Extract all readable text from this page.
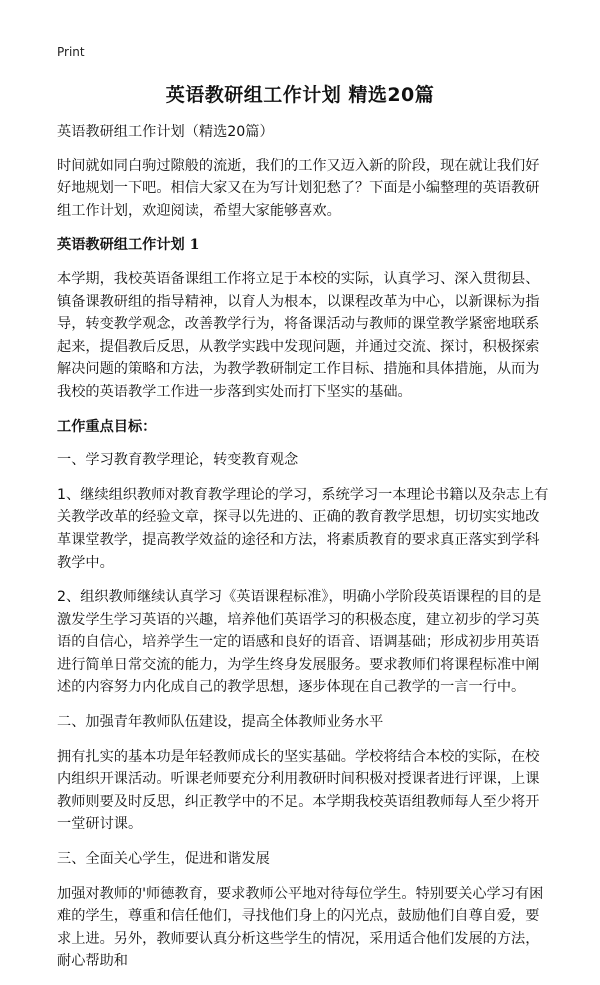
Print
英语教研组工作计划 精选20篇

英语教研组工作计划（精选20篇）

时间就如同白驹过隙般的流逝，我们的工作又迈入新的阶段，现在就让我们好好地规划一下吧。相信大家又在为写计划犯愁了？下面是小编整理的英语教研组工作计划，欢迎阅读，希望大家能够喜欢。

英语教研组工作计划 1

本学期，我校英语备课组工作将立足于本校的实际，认真学习、深入贯彻县、镇备课教研组的指导精神，以育人为根本，以课程改革为中心，以新课标为指导，转变教学观念，改善教学行为，将备课活动与教师的课堂教学紧密地联系起来，提倡教后反思，从教学实践中发现问题，并通过交流、探讨，积极探索解决问题的策略和方法，为教学教研制定工作目标、措施和具体措施，从而为我校的英语教学工作进一步落到实处而打下坚实的基础。

工作重点目标：

一、学习教育教学理论，转变教育观念

1、继续组织教师对教育教学理论的学习，系统学习一本理论书籍以及杂志上有关教学改革的经验文章，探寻以先进的、正确的教育教学思想，切切实实地改革课堂教学，提高教学效益的途径和方法，将素质教育的要求真正落实到学科教学中。

2、组织教师继续认真学习《英语课程标准》，明确小学阶段英语课程的目的是激发学生学习英语的兴趣，培养他们英语学习的积极态度，建立初步的学习英语的自信心，培养学生一定的语感和良好的语音、语调基础；形成初步用英语进行简单日常交流的能力，为学生终身发展服务。要求教师们将课程标准中阐述的内容努力内化成自己的教学思想，逐步体现在自己教学的一言一行中。

二、加强青年教师队伍建设，提高全体教师业务水平

拥有扎实的基本功是年轻教师成长的坚实基础。学校将结合本校的实际，在校内组织开课活动。听课老师要充分利用教研时间积极对授课者进行评课，上课教师则要及时反思，纠正教学中的不足。本学期我校英语组教师每人至少将开一堂研讨课。

三、全面关心学生，促进和谐发展

加强对教师的'师德教育，要求教师公平地对待每位学生。特别要关心学习有困难的学生，尊重和信任他们，寻找他们身上的闪光点，鼓励他们自尊自爱，要求上进。另外，教师要认真分析这些学生的情况，采用适合他们发展的方法，耐心帮助和
